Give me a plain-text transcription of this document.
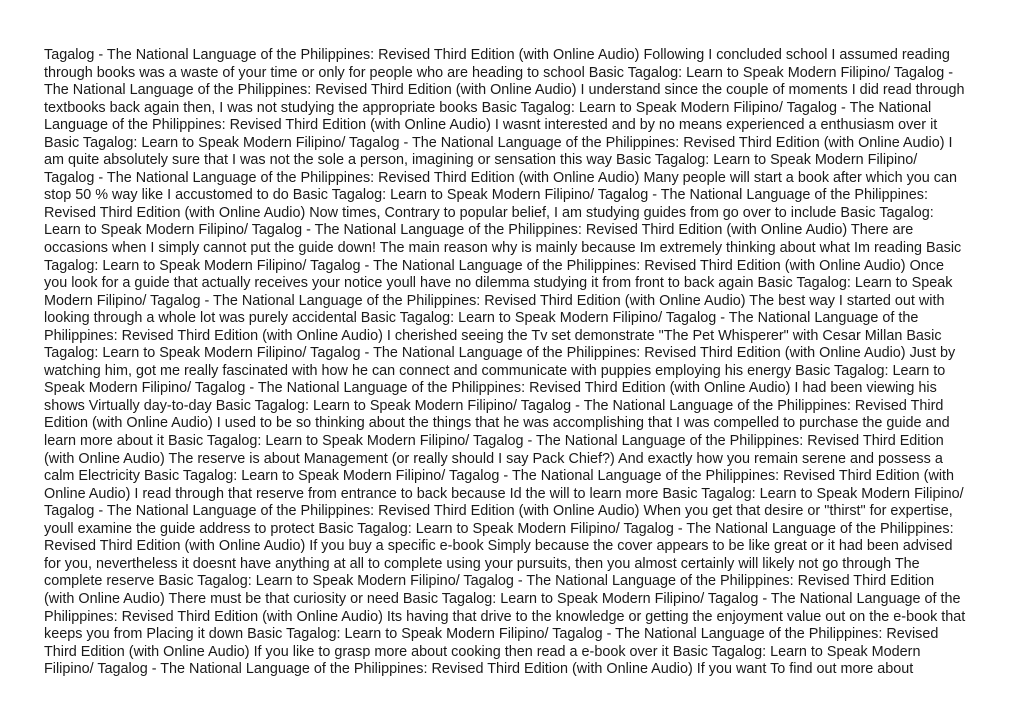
Tagalog - The National Language of the Philippines: Revised Third Edition (with Online Audio) Following I concluded school I assumed reading
through books was a waste of your time or only for people who are heading to school Basic Tagalog: Learn to Speak Modern Filipino/ Tagalog -
The National Language of the Philippines: Revised Third Edition (with Online Audio) I understand since the couple of moments I did read through
textbooks back again then, I was not studying the appropriate books Basic Tagalog: Learn to Speak Modern Filipino/ Tagalog - The National
Language of the Philippines: Revised Third Edition (with Online Audio) I wasnt interested and by no means experienced a enthusiasm over it
Basic Tagalog: Learn to Speak Modern Filipino/ Tagalog - The National Language of the Philippines: Revised Third Edition (with Online Audio) I
am quite absolutely sure that I was not the sole a person, imagining or sensation this way Basic Tagalog: Learn to Speak Modern Filipino/
Tagalog - The National Language of the Philippines: Revised Third Edition (with Online Audio) Many people will start a book after which you can
stop 50 % way like I accustomed to do Basic Tagalog: Learn to Speak Modern Filipino/ Tagalog - The National Language of the Philippines:
Revised Third Edition (with Online Audio) Now times, Contrary to popular belief, I am studying guides from go over to include Basic Tagalog:
Learn to Speak Modern Filipino/ Tagalog - The National Language of the Philippines: Revised Third Edition (with Online Audio) There are
occasions when I simply cannot put the guide down! The main reason why is mainly because Im extremely thinking about what Im reading Basic
Tagalog: Learn to Speak Modern Filipino/ Tagalog - The National Language of the Philippines: Revised Third Edition (with Online Audio) Once
you look for a guide that actually receives your notice youll have no dilemma studying it from front to back again Basic Tagalog: Learn to Speak
Modern Filipino/ Tagalog - The National Language of the Philippines: Revised Third Edition (with Online Audio) The best way I started out with
looking through a whole lot was purely accidental Basic Tagalog: Learn to Speak Modern Filipino/ Tagalog - The National Language of the
Philippines: Revised Third Edition (with Online Audio) I cherished seeing the Tv set demonstrate "The Pet Whisperer" with Cesar Millan Basic
Tagalog: Learn to Speak Modern Filipino/ Tagalog - The National Language of the Philippines: Revised Third Edition (with Online Audio) Just by
watching him, got me really fascinated with how he can connect and communicate with puppies employing his energy Basic Tagalog: Learn to
Speak Modern Filipino/ Tagalog - The National Language of the Philippines: Revised Third Edition (with Online Audio) I had been viewing his
shows Virtually day-to-day Basic Tagalog: Learn to Speak Modern Filipino/ Tagalog - The National Language of the Philippines: Revised Third
Edition (with Online Audio) I used to be so thinking about the things that he was accomplishing that I was compelled to purchase the guide and
learn more about it Basic Tagalog: Learn to Speak Modern Filipino/ Tagalog - The National Language of the Philippines: Revised Third Edition
(with Online Audio) The reserve is about Management (or really should I say Pack Chief?) And exactly how you remain serene and possess a
calm Electricity Basic Tagalog: Learn to Speak Modern Filipino/ Tagalog - The National Language of the Philippines: Revised Third Edition (with
Online Audio) I read through that reserve from entrance to back because Id the will to learn more Basic Tagalog: Learn to Speak Modern Filipino/
Tagalog - The National Language of the Philippines: Revised Third Edition (with Online Audio) When you get that desire or "thirst" for expertise,
youll examine the guide address to protect Basic Tagalog: Learn to Speak Modern Filipino/ Tagalog - The National Language of the Philippines:
Revised Third Edition (with Online Audio) If you buy a specific e-book Simply because the cover appears to be like great or it had been advised
for you, nevertheless it doesnt have anything at all to complete using your pursuits, then you almost certainly will likely not go through The
complete reserve Basic Tagalog: Learn to Speak Modern Filipino/ Tagalog - The National Language of the Philippines: Revised Third Edition
(with Online Audio) There must be that curiosity or need Basic Tagalog: Learn to Speak Modern Filipino/ Tagalog - The National Language of the
Philippines: Revised Third Edition (with Online Audio) Its having that drive to the knowledge or getting the enjoyment value out on the e-book that
keeps you from Placing it down Basic Tagalog: Learn to Speak Modern Filipino/ Tagalog - The National Language of the Philippines: Revised
Third Edition (with Online Audio) If you like to grasp more about cooking then read a e-book over it Basic Tagalog: Learn to Speak Modern
Filipino/ Tagalog - The National Language of the Philippines: Revised Third Edition (with Online Audio) If you want To find out more about
